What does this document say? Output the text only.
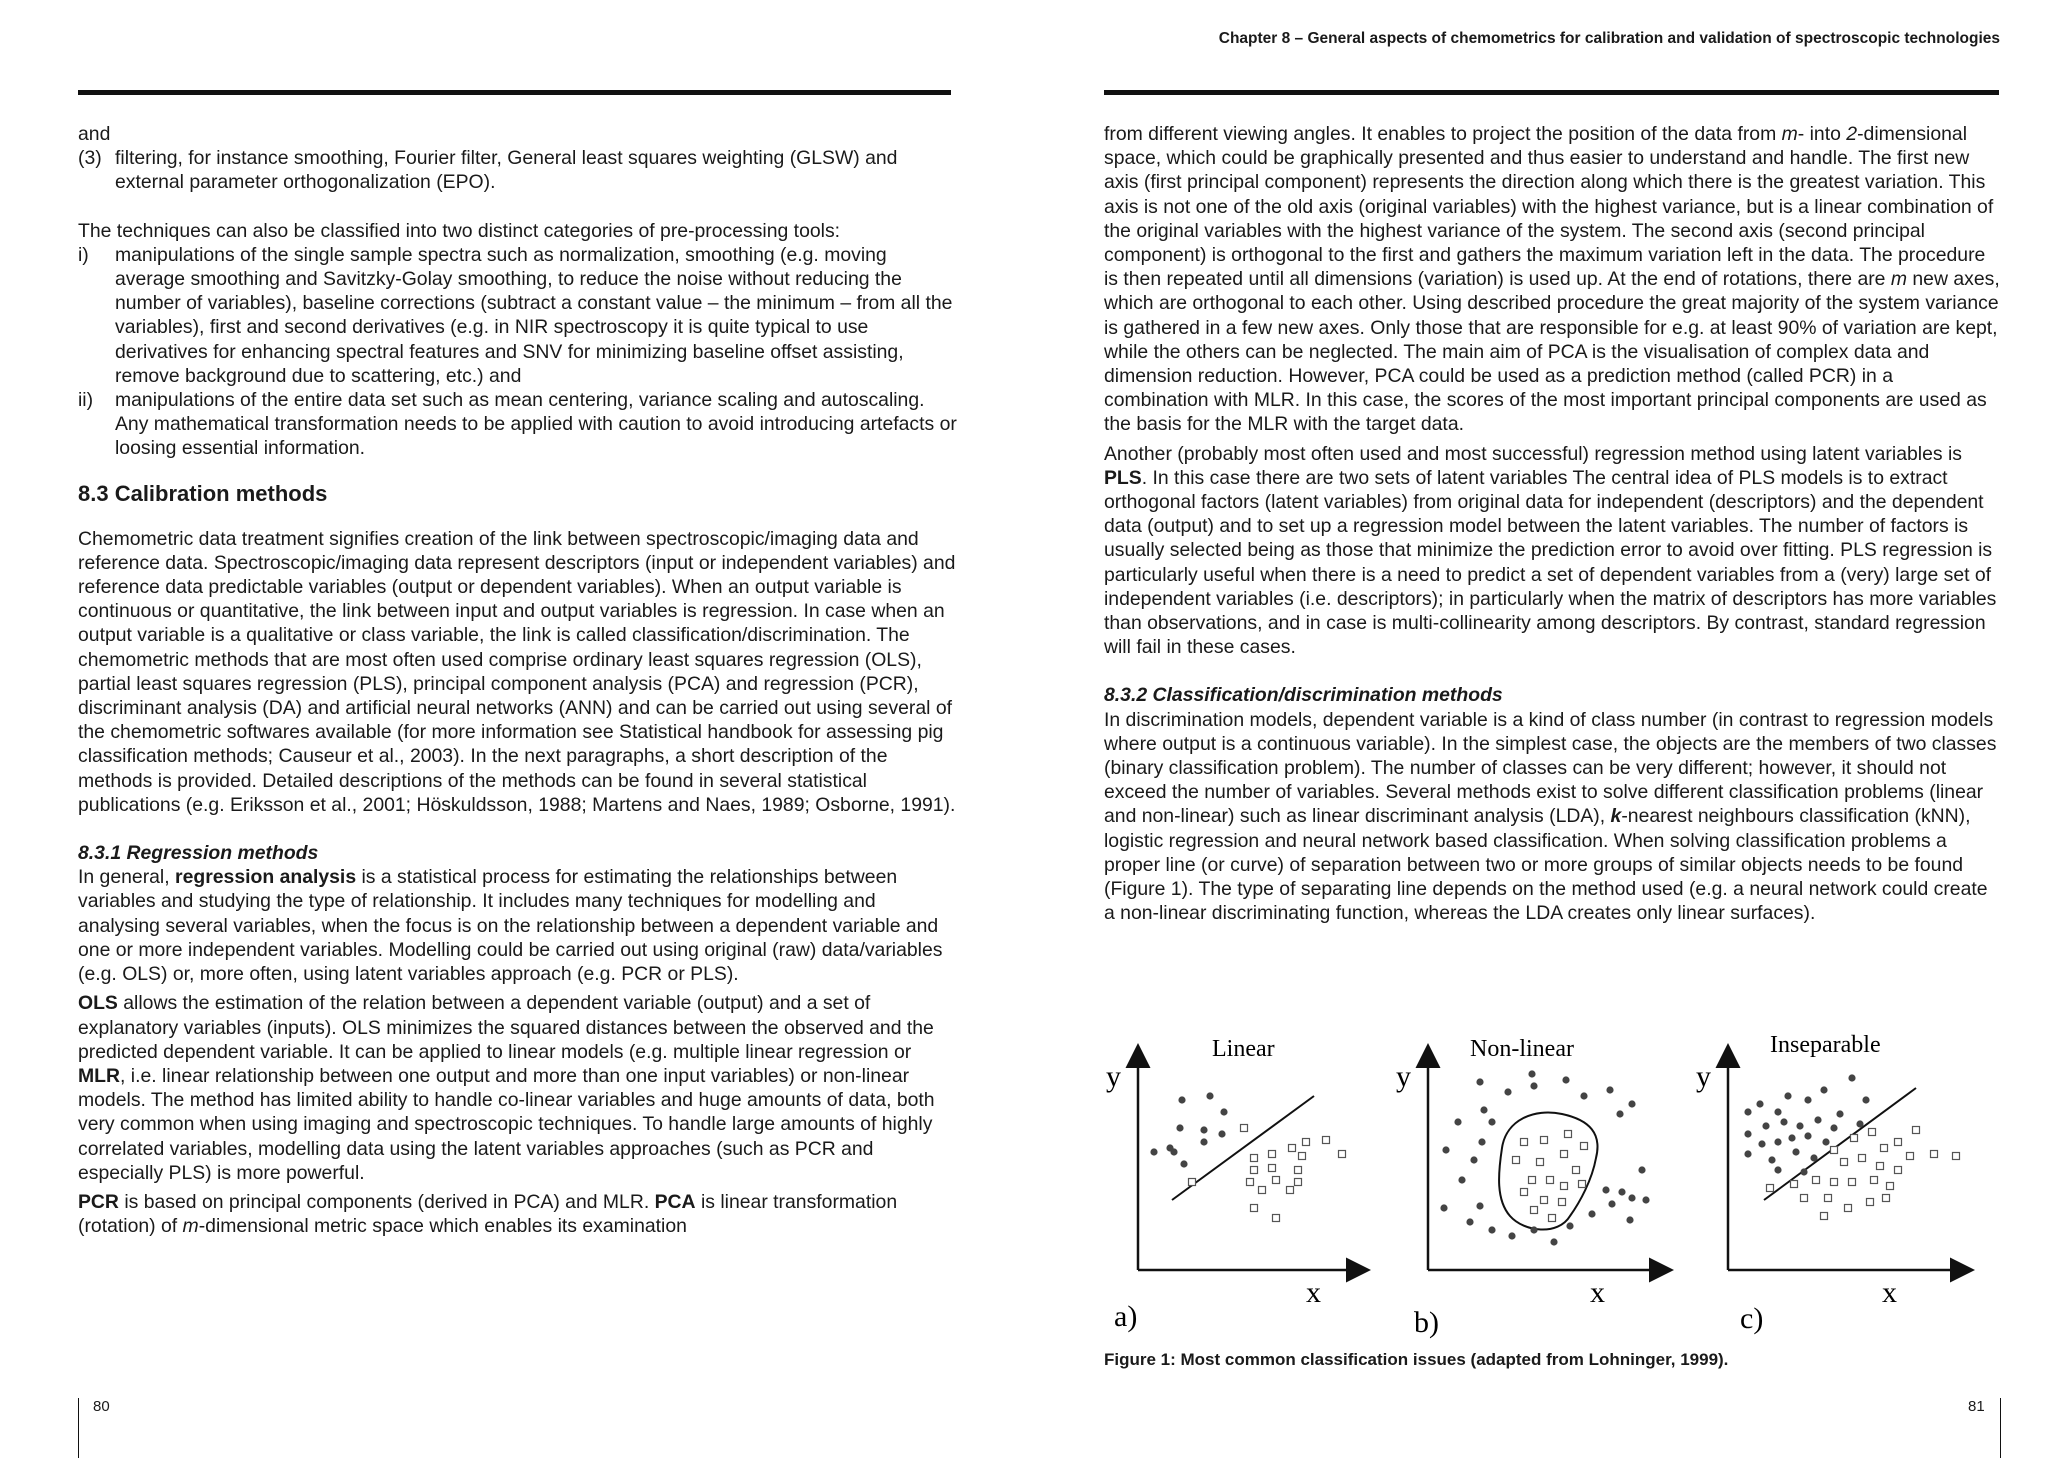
and

(3) filtering, for instance smoothing, Fourier filter, General least squares weighting (GLSW) and external parameter orthogonalization (EPO).

The techniques can also be classified into two distinct categories of pre-processing tools:

i)	manipulations of the single sample spectra such as normalization, smoothing (e.g. moving average smoothing and Savitzky-Golay smoothing, to reduce the noise without reducing the number of variables), baseline corrections (subtract a constant value – the minimum – from all the variables), first and second derivatives (e.g. in NIR spectroscopy it is quite typical to use derivatives for enhancing spectral features and SNV for minimizing baseline offset assisting, remove background due to scattering, etc.) and
ii)	manipulations of the entire data set such as mean centering, variance scaling and autoscaling. Any mathematical transformation needs to be applied with caution to avoid introducing artefacts or loosing essential information.
8.3 Calibration methods

Chemometric data treatment signifies creation of the link between spectroscopic/imaging data and reference data. Spectroscopic/imaging data represent descriptors (input or independent variables) and reference data predictable variables (output or dependent variables). When an output variable is continuous or quantitative, the link between input and output variables is regression. In case when an output variable is a qualitative or class variable, the link is called classification/discrimination. The chemometric methods that are most often used comprise ordinary least squares regression (OLS), partial least squares regression (PLS), principal component analysis (PCA) and regression (PCR), discriminant analysis (DA) and artificial neural networks (ANN) and can be carried out using several of the chemometric softwares available (for more information see Statistical handbook for assessing pig classification methods; Causeur et al., 2003). In the next paragraphs, a short description of the methods is provided. Detailed descriptions of the methods can be found in several statistical publications (e.g. Eriksson et al., 2001; Höskuldsson, 1988; Martens and Naes, 1989; Osborne, 1991).

8.3.1 Regression methods

In general, regression analysis is a statistical process for estimating the relationships between variables and studying the type of relationship. It includes many techniques for modelling and analysing several variables, when the focus is on the relationship between a dependent variable and one or more independent variables. Modelling could be carried out using original (raw) data/variables (e.g. OLS) or, more often, using latent variables approach (e.g. PCR or PLS).

OLS allows the estimation of the relation between a dependent variable (output) and a set of explanatory variables (inputs). OLS minimizes the squared distances between the observed and the predicted dependent variable. It can be applied to linear models (e.g. multiple linear regression or MLR, i.e. linear relationship between one output and more than one input variables) or non-linear models. The method has limited ability to handle co-linear variables and huge amounts of data, both very common when using imaging and spectroscopic techniques. To handle large amounts of highly correlated variables, modelling data using the latent variables approaches (such as PCR and especially PLS) is more powerful.

PCR is based on principal components (derived in PCA) and MLR. PCA is linear transformation (rotation) of m-dimensional metric space which enables its examination

80
Chapter 8 – General aspects of chemometrics for calibration and validation of spectroscopic technologies

from different viewing angles. It enables to project the position of the data from m- into 2-dimensional space, which could be graphically presented and thus easier to understand and handle. The first new axis (first principal component) represents the direction along which there is the greatest variation. This axis is not one of the old axis (original variables) with the highest variance, but is a linear combination of the original variables with the highest variance of the system. The second axis (second principal component) is orthogonal to the first and gathers the maximum variation left in the data. The procedure is then repeated until all dimensions (variation) is used up. At the end of rotations, there are m new axes, which are orthogonal to each other. Using described procedure the great majority of the system variance is gathered in a few new axes. Only those that are responsible for e.g. at least 90% of variation are kept, while the others can be neglected. The main aim of PCA is the visualisation of complex data and dimension reduction. However, PCA could be used as a prediction method (called PCR) in a combination with MLR. In this case, the scores of the most important principal components are used as the basis for the MLR with the target data.

Another (probably most often used and most successful) regression method using latent variables is PLS. In this case there are two sets of latent variables The central idea of PLS models is to extract orthogonal factors (latent variables) from original data for independent (descriptors) and the dependent data (output) and to set up a regression model between the latent variables. The number of factors is usually selected being as those that minimize the prediction error to avoid over fitting. PLS regression is particularly useful when there is a need to predict a set of dependent variables from a (very) large set of independent variables (i.e. descriptors); in particularly when the matrix of descriptors has more variables than observations, and in case is multi-collinearity among descriptors. By contrast, standard regression will fail in these cases.

8.3.2 Classification/discrimination methods

In discrimination models, dependent variable is a kind of class number (in contrast to regression models where output is a continuous variable). In the simplest case, the objects are the members of two classes (binary classification problem). The number of classes can be very different; however, it should not exceed the number of variables. Several methods exist to solve different classification problems (linear and non-linear) such as linear discriminant analysis (LDA), k-nearest neighbours classification (kNN), logistic regression and neural network based classification. When solving classification problems a proper line (or curve) of separation between two or more groups of similar objects needs to be found (Figure 1). The type of separating line depends on the method used (e.g. a neural network could create a non-linear discriminating function, whereas the LDA creates only linear surfaces).

Linear
y
x
a)
Non-linear
y
x
b)
Inseparable
y
x
c)
Figure 1: Most common classification issues (adapted from Lohninger, 1999).
81
